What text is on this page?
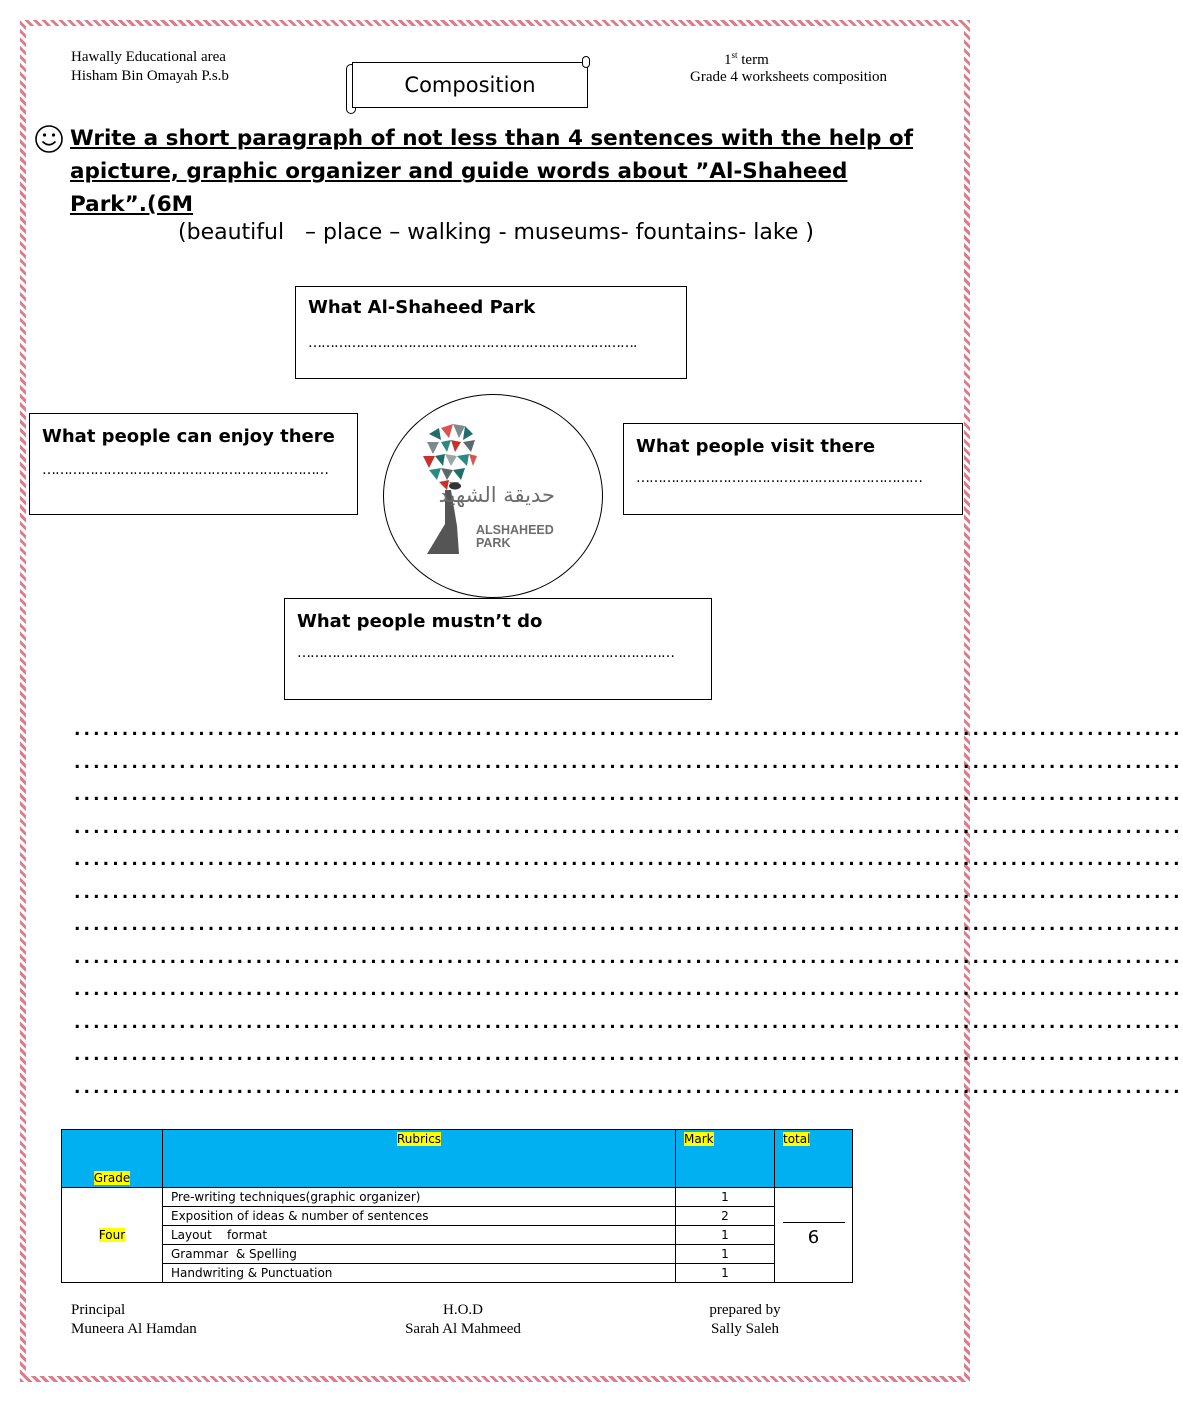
Hawally Educational area
Hisham Bin Omayah P.s.b
1st term
Grade 4 worksheets composition
Composition
Write a short paragraph of not less than 4 sentences with the help of apicture, graphic organizer and guide words about ”Al-Shaheed Park”.(6M
(beautiful   – place – walking - museums- fountains- lake )
What Al-Shaheed Park
………………………………………………………………….
What people can enjoy there
…………………………………………………………
What people visit there
…………………………………………………………
حديقة الشهيد
ALSHAHEED
PARK
What people mustn’t do
……………………………………………………………………………
....................................................................................................................
....................................................................................................................
....................................................................................................................
....................................................................................................................
....................................................................................................................
....................................................................................................................
....................................................................................................................
....................................................................................................................
....................................................................................................................
....................................................................................................................
....................................................................................................................
....................................................................................................................
Grade	Rubrics	Mark	total
Four	Pre-writing techniques(graphic organizer)	1	6

	Exposition of ideas & number of sentences	2	
	Layout    format	1	
	Grammar  & Spelling	1	
	Handwriting & Punctuation	1	
Principal
Muneera Al Hamdan
H.O.D
Sarah Al Mahmeed
prepared by
Sally Saleh
